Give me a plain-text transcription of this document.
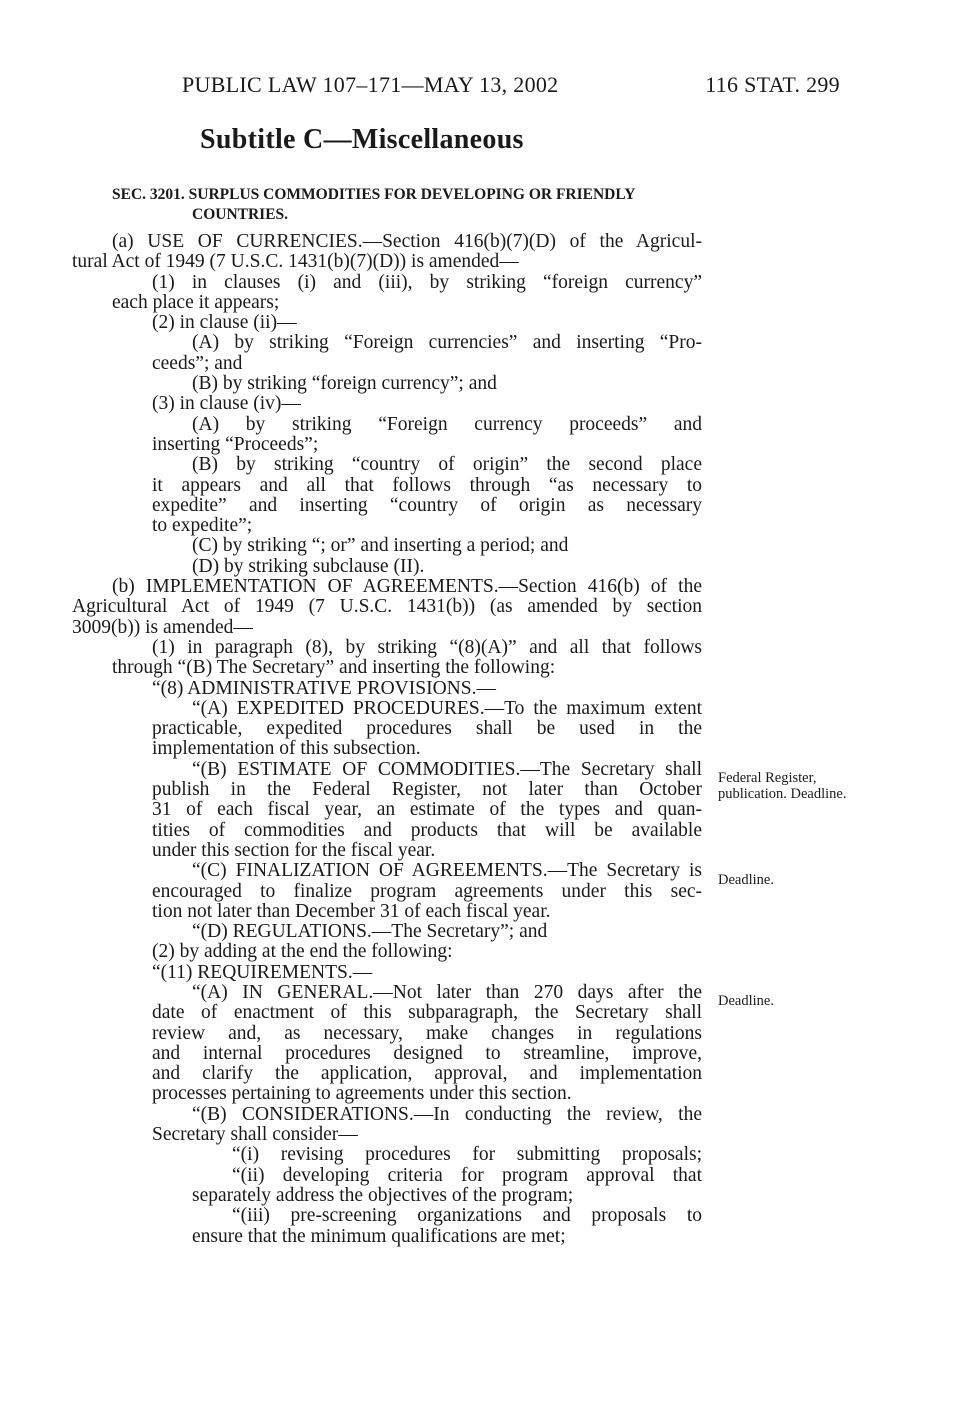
PUBLIC LAW 107–171—MAY 13, 2002	116 STAT. 299
Subtitle C—Miscellaneous
SEC. 3201. SURPLUS COMMODITIES FOR DEVELOPING OR FRIENDLY
COUNTRIES.
(a) USE OF CURRENCIES.—Section 416(b)(7)(D) of the Agricul-
tural Act of 1949 (7 U.S.C. 1431(b)(7)(D)) is amended—
(1) in clauses (i) and (iii), by striking “foreign currency”
each place it appears;
(2) in clause (ii)—
(A) by striking “Foreign currencies” and inserting “Pro-
ceeds”; and
(B) by striking “foreign currency”; and
(3) in clause (iv)—
(A) by striking “Foreign currency proceeds” and
inserting “Proceeds”;
(B) by striking “country of origin” the second place
it appears and all that follows through “as necessary to
expedite” and inserting “country of origin as necessary
to expedite”;
(C) by striking “; or” and inserting a period; and
(D) by striking subclause (II).
(b) IMPLEMENTATION OF AGREEMENTS.—Section 416(b) of the
Agricultural Act of 1949 (7 U.S.C. 1431(b)) (as amended by section
3009(b)) is amended—
(1) in paragraph (8), by striking “(8)(A)” and all that follows
through “(B) The Secretary” and inserting the following:
“(8) ADMINISTRATIVE PROVISIONS.—
“(A) EXPEDITED PROCEDURES.—To the maximum extent
practicable, expedited procedures shall be used in the
implementation of this subsection.
“(B) ESTIMATE OF COMMODITIES.—The Secretary shall
publish in the Federal Register, not later than October
31 of each fiscal year, an estimate of the types and quan-
tities of commodities and products that will be available
under this section for the fiscal year.
“(C) FINALIZATION OF AGREEMENTS.—The Secretary is
encouraged to finalize program agreements under this sec-
tion not later than December 31 of each fiscal year.
“(D) REGULATIONS.—The Secretary”; and
(2) by adding at the end the following:
“(11) REQUIREMENTS.—
“(A) IN GENERAL.—Not later than 270 days after the
date of enactment of this subparagraph, the Secretary shall
review and, as necessary, make changes in regulations
and internal procedures designed to streamline, improve,
and clarify the application, approval, and implementation
processes pertaining to agreements under this section.
“(B) CONSIDERATIONS.—In conducting the review, the
Secretary shall consider—
“(i) revising procedures for submitting proposals;
“(ii) developing criteria for program approval that
separately address the objectives of the program;
“(iii) pre-screening organizations and proposals to
ensure that the minimum qualifications are met;
Federal Register, publication. Deadline.
Deadline.
Deadline.
